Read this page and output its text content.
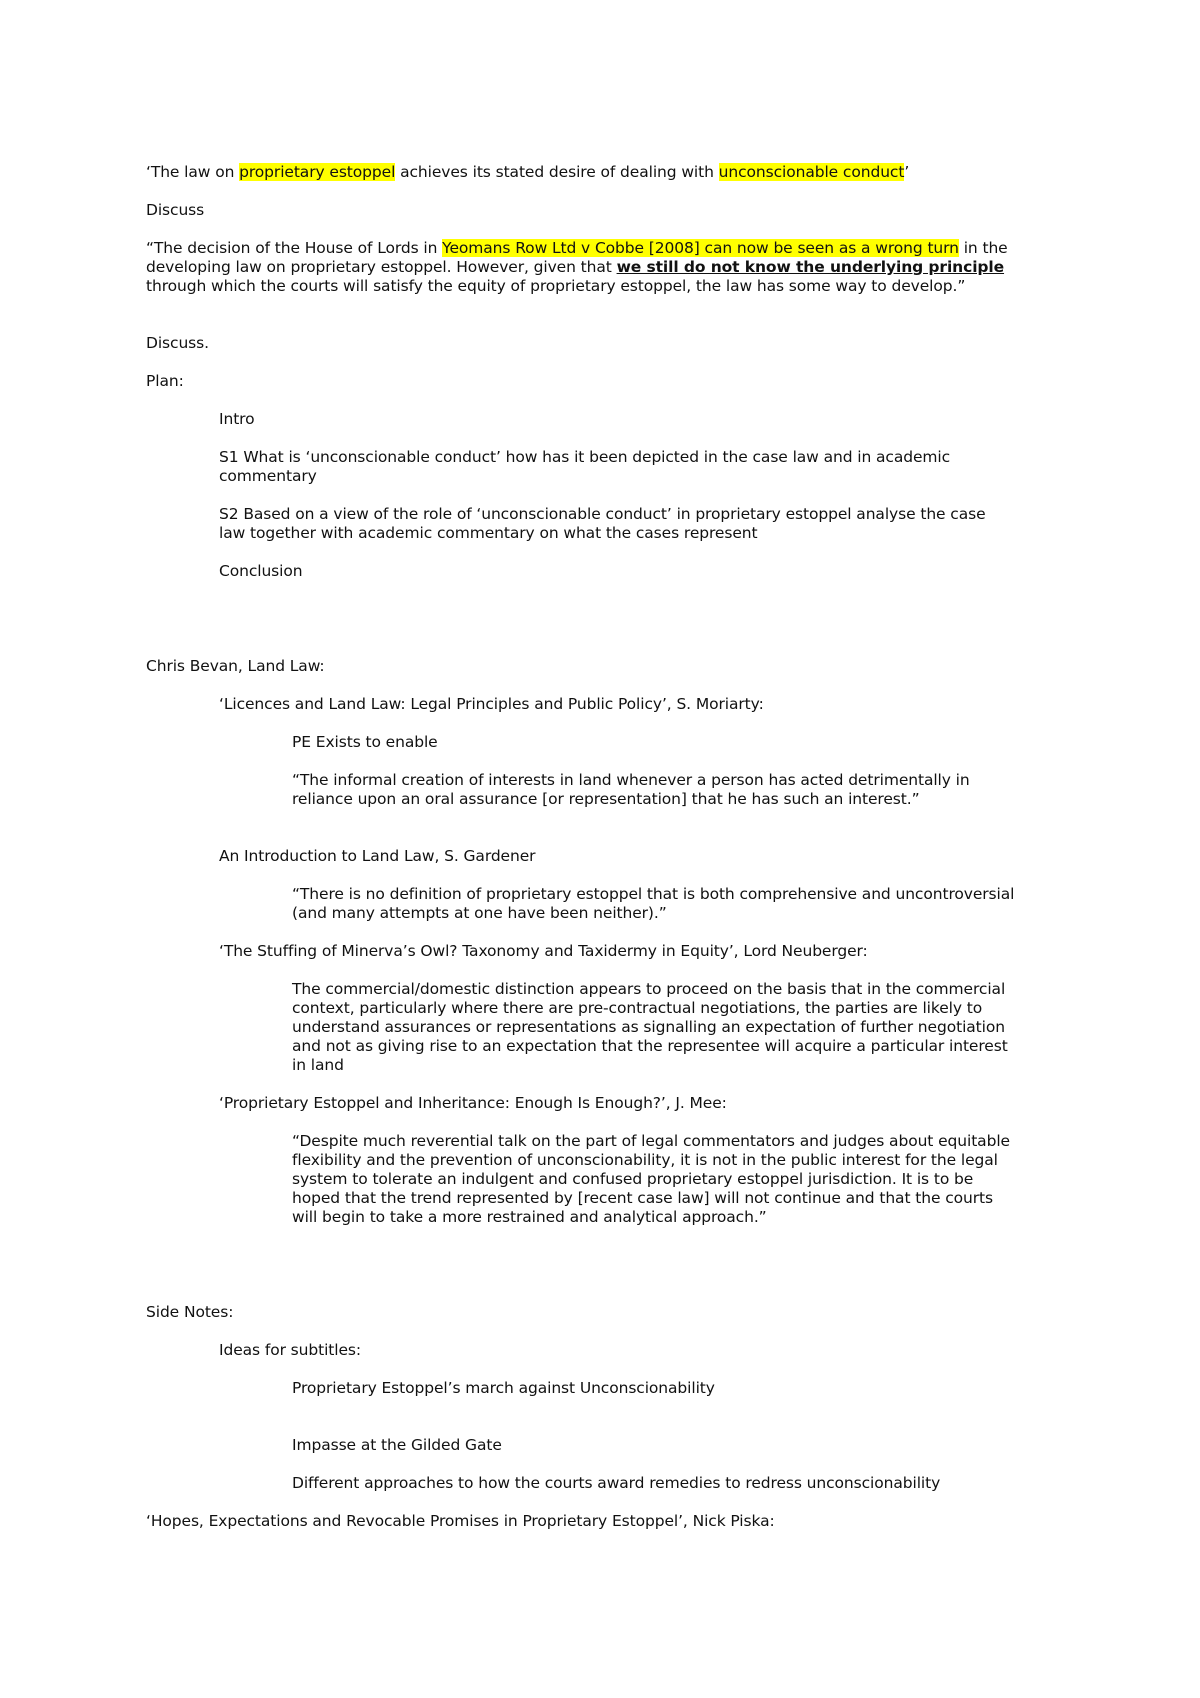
‘The law on proprietary estoppel achieves its stated desire of dealing with unconscionable conduct’
Discuss
“The decision of the House of Lords in Yeomans Row Ltd v Cobbe [2008] can now be seen as a wrong turn in the
developing law on proprietary estoppel. However, given that we still do not know the underlying principle
through which the courts will satisfy the equity of proprietary estoppel, the law has some way to develop.”
Discuss.
Plan:
Intro
S1 What is ‘unconscionable conduct’ how has it been depicted in the case law and in academic
commentary
S2 Based on a view of the role of ‘unconscionable conduct’ in proprietary estoppel analyse the case
law together with academic commentary on what the cases represent
Conclusion
Chris Bevan, Land Law:
‘Licences and Land Law: Legal Principles and Public Policy’, S. Moriarty:
PE Exists to enable
“The informal creation of interests in land whenever a person has acted detrimentally in
reliance upon an oral assurance [or representation] that he has such an interest.”
An Introduction to Land Law, S. Gardener
“There is no definition of proprietary estoppel that is both comprehensive and uncontroversial
(and many attempts at one have been neither).”
‘The Stuffing of Minerva’s Owl? Taxonomy and Taxidermy in Equity’, Lord Neuberger:
The commercial/domestic distinction appears to proceed on the basis that in the commercial
context, particularly where there are pre-contractual negotiations, the parties are likely to
understand assurances or representations as signalling an expectation of further negotiation
and not as giving rise to an expectation that the representee will acquire a particular interest
in land
‘Proprietary Estoppel and Inheritance: Enough Is Enough?’, J. Mee:
“Despite much reverential talk on the part of legal commentators and judges about equitable
flexibility and the prevention of unconscionability, it is not in the public interest for the legal
system to tolerate an indulgent and confused proprietary estoppel jurisdiction. It is to be
hoped that the trend represented by [recent case law] will not continue and that the courts
will begin to take a more restrained and analytical approach.”
Side Notes:
Ideas for subtitles:
Proprietary Estoppel’s march against Unconscionability
Impasse at the Gilded Gate
Different approaches to how the courts award remedies to redress unconscionability
‘Hopes, Expectations and Revocable Promises in Proprietary Estoppel’, Nick Piska:
